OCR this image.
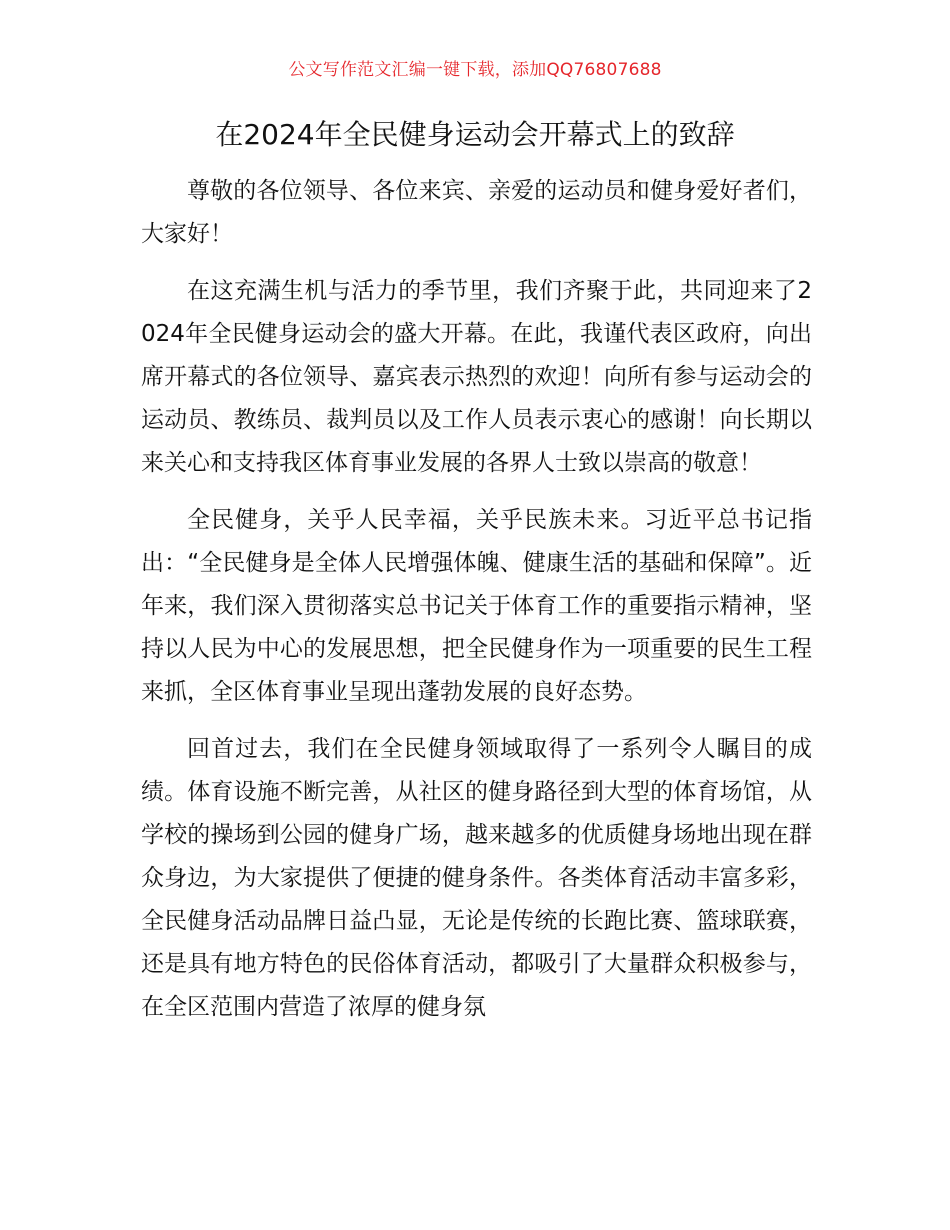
公文写作范文汇编一键下载，添加QQ76807688
在2024年全民健身运动会开幕式上的致辞

尊敬的各位领导、各位来宾、亲爱的运动员和健身爱好者们，大家好！

在这充满生机与活力的季节里，我们齐聚于此，共同迎来了2024年全民健身运动会的盛大开幕。在此，我谨代表区政府，向出席开幕式的各位领导、嘉宾表示热烈的欢迎！向所有参与运动会的运动员、教练员、裁判员以及工作人员表示衷心的感谢！向长期以来关心和支持我区体育事业发展的各界人士致以崇高的敬意！

全民健身，关乎人民幸福，关乎民族未来。习近平总书记指出：“全民健身是全体人民增强体魄、健康生活的基础和保障”。近年来，我们深入贯彻落实总书记关于体育工作的重要指示精神，坚持以人民为中心的发展思想，把全民健身作为一项重要的民生工程来抓，全区体育事业呈现出蓬勃发展的良好态势。

回首过去，我们在全民健身领域取得了一系列令人瞩目的成绩。体育设施不断完善，从社区的健身路径到大型的体育场馆，从学校的操场到公园的健身广场，越来越多的优质健身场地出现在群众身边，为大家提供了便捷的健身条件。各类体育活动丰富多彩，全民健身活动品牌日益凸显，无论是传统的长跑比赛、篮球联赛，还是具有地方特色的民俗体育活动，都吸引了大量群众积极参与，在全区范围内营造了浓厚的健身氛
